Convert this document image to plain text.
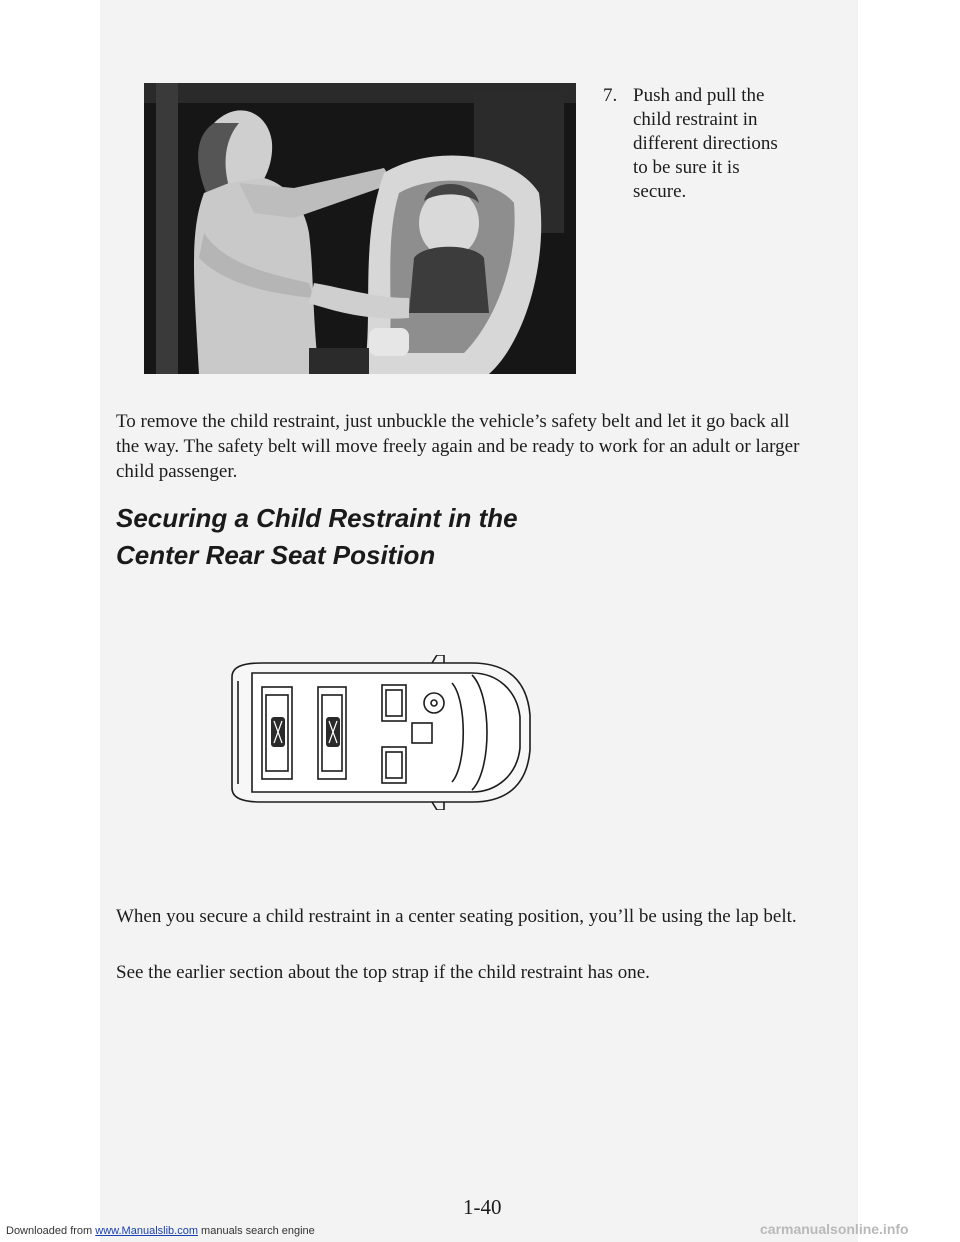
7. Push and pull the child restraint in different directions to be sure it is secure.

To remove the child restraint, just unbuckle the vehicle’s safety belt and let it go back all the way. The safety belt will move freely again and be ready to work for an adult or larger child passenger.

Securing a Child Restraint in the
Center Rear Seat Position

When you secure a child restraint in a center seating position, you’ll be using the lap belt.

See the earlier section about the top strap if the child restraint has one.

1-40
Downloaded from www.Manualslib.com manuals search engine	carmanualsonline.info
